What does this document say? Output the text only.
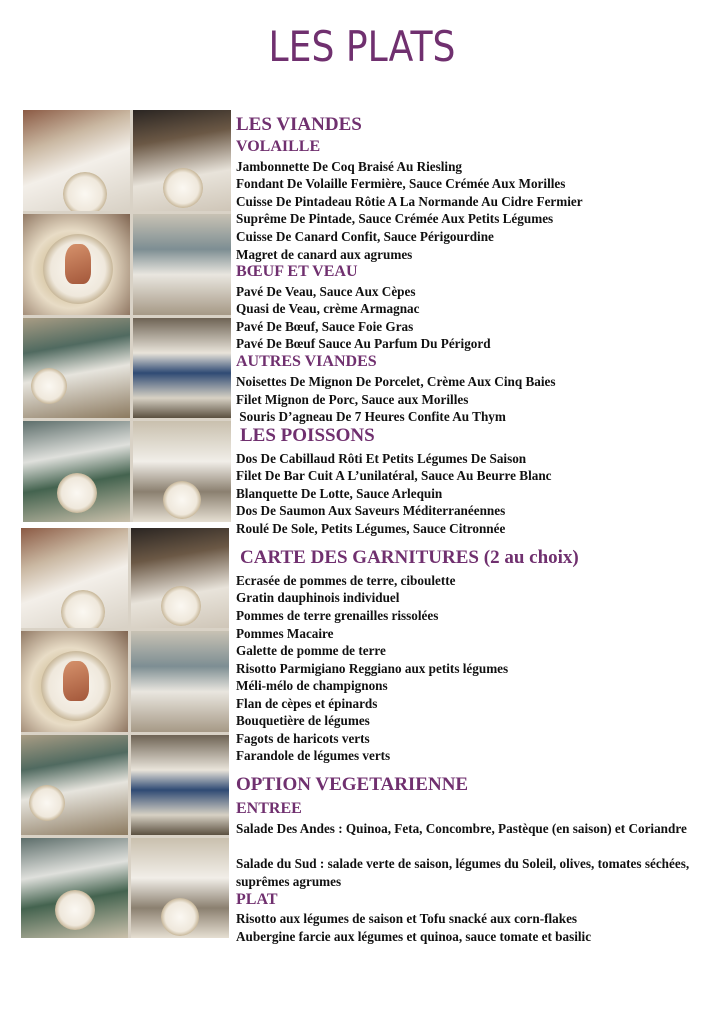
LES PLATS
LES VIANDES
VOLAILLE
Jambonnette De Coq Braisé Au Riesling
Fondant De Volaille Fermière, Sauce Crémée Aux Morilles
Cuisse De Pintadeau Rôtie A La Normande Au Cidre Fermier
Suprême De Pintade, Sauce Crémée Aux Petits Légumes
Cuisse De Canard Confit, Sauce Périgourdine
Magret de canard aux agrumes
BŒUF ET VEAU
Pavé De Veau, Sauce Aux Cèpes
Quasi de Veau, crème Armagnac
Pavé De Bœuf, Sauce Foie Gras
Pavé De Bœuf Sauce Au Parfum Du Périgord
AUTRES VIANDES
Noisettes De Mignon De Porcelet, Crème Aux Cinq Baies
Filet Mignon de Porc, Sauce aux Morilles
Souris D’agneau De 7 Heures Confite Au Thym
LES POISSONS
Dos De Cabillaud Rôti Et Petits Légumes De Saison
Filet De Bar Cuit A L’unilatéral, Sauce Au Beurre Blanc
Blanquette De Lotte, Sauce Arlequin
Dos De Saumon Aux Saveurs Méditerranéennes
Roulé De Sole, Petits Légumes, Sauce Citronnée
CARTE DES GARNITURES (2 au choix)
Ecrasée de pommes de terre, ciboulette
Gratin dauphinois individuel
Pommes de terre grenailles rissolées
Pommes Macaire
Galette de pomme de terre
Risotto Parmigiano Reggiano aux petits légumes
Méli-mélo de champignons
Flan de cèpes et épinards
Bouquetière de légumes
Fagots de haricots verts
Farandole de légumes verts
OPTION VEGETARIENNE
ENTREE
Salade Des Andes : Quinoa, Feta, Concombre, Pastèque (en saison) et Coriandre
Salade du Sud : salade verte de saison, légumes du Soleil, olives, tomates séchées, suprêmes agrumes
PLAT
Risotto aux légumes de saison et Tofu snacké aux corn-flakes
Aubergine farcie aux légumes et quinoa, sauce tomate et basilic
